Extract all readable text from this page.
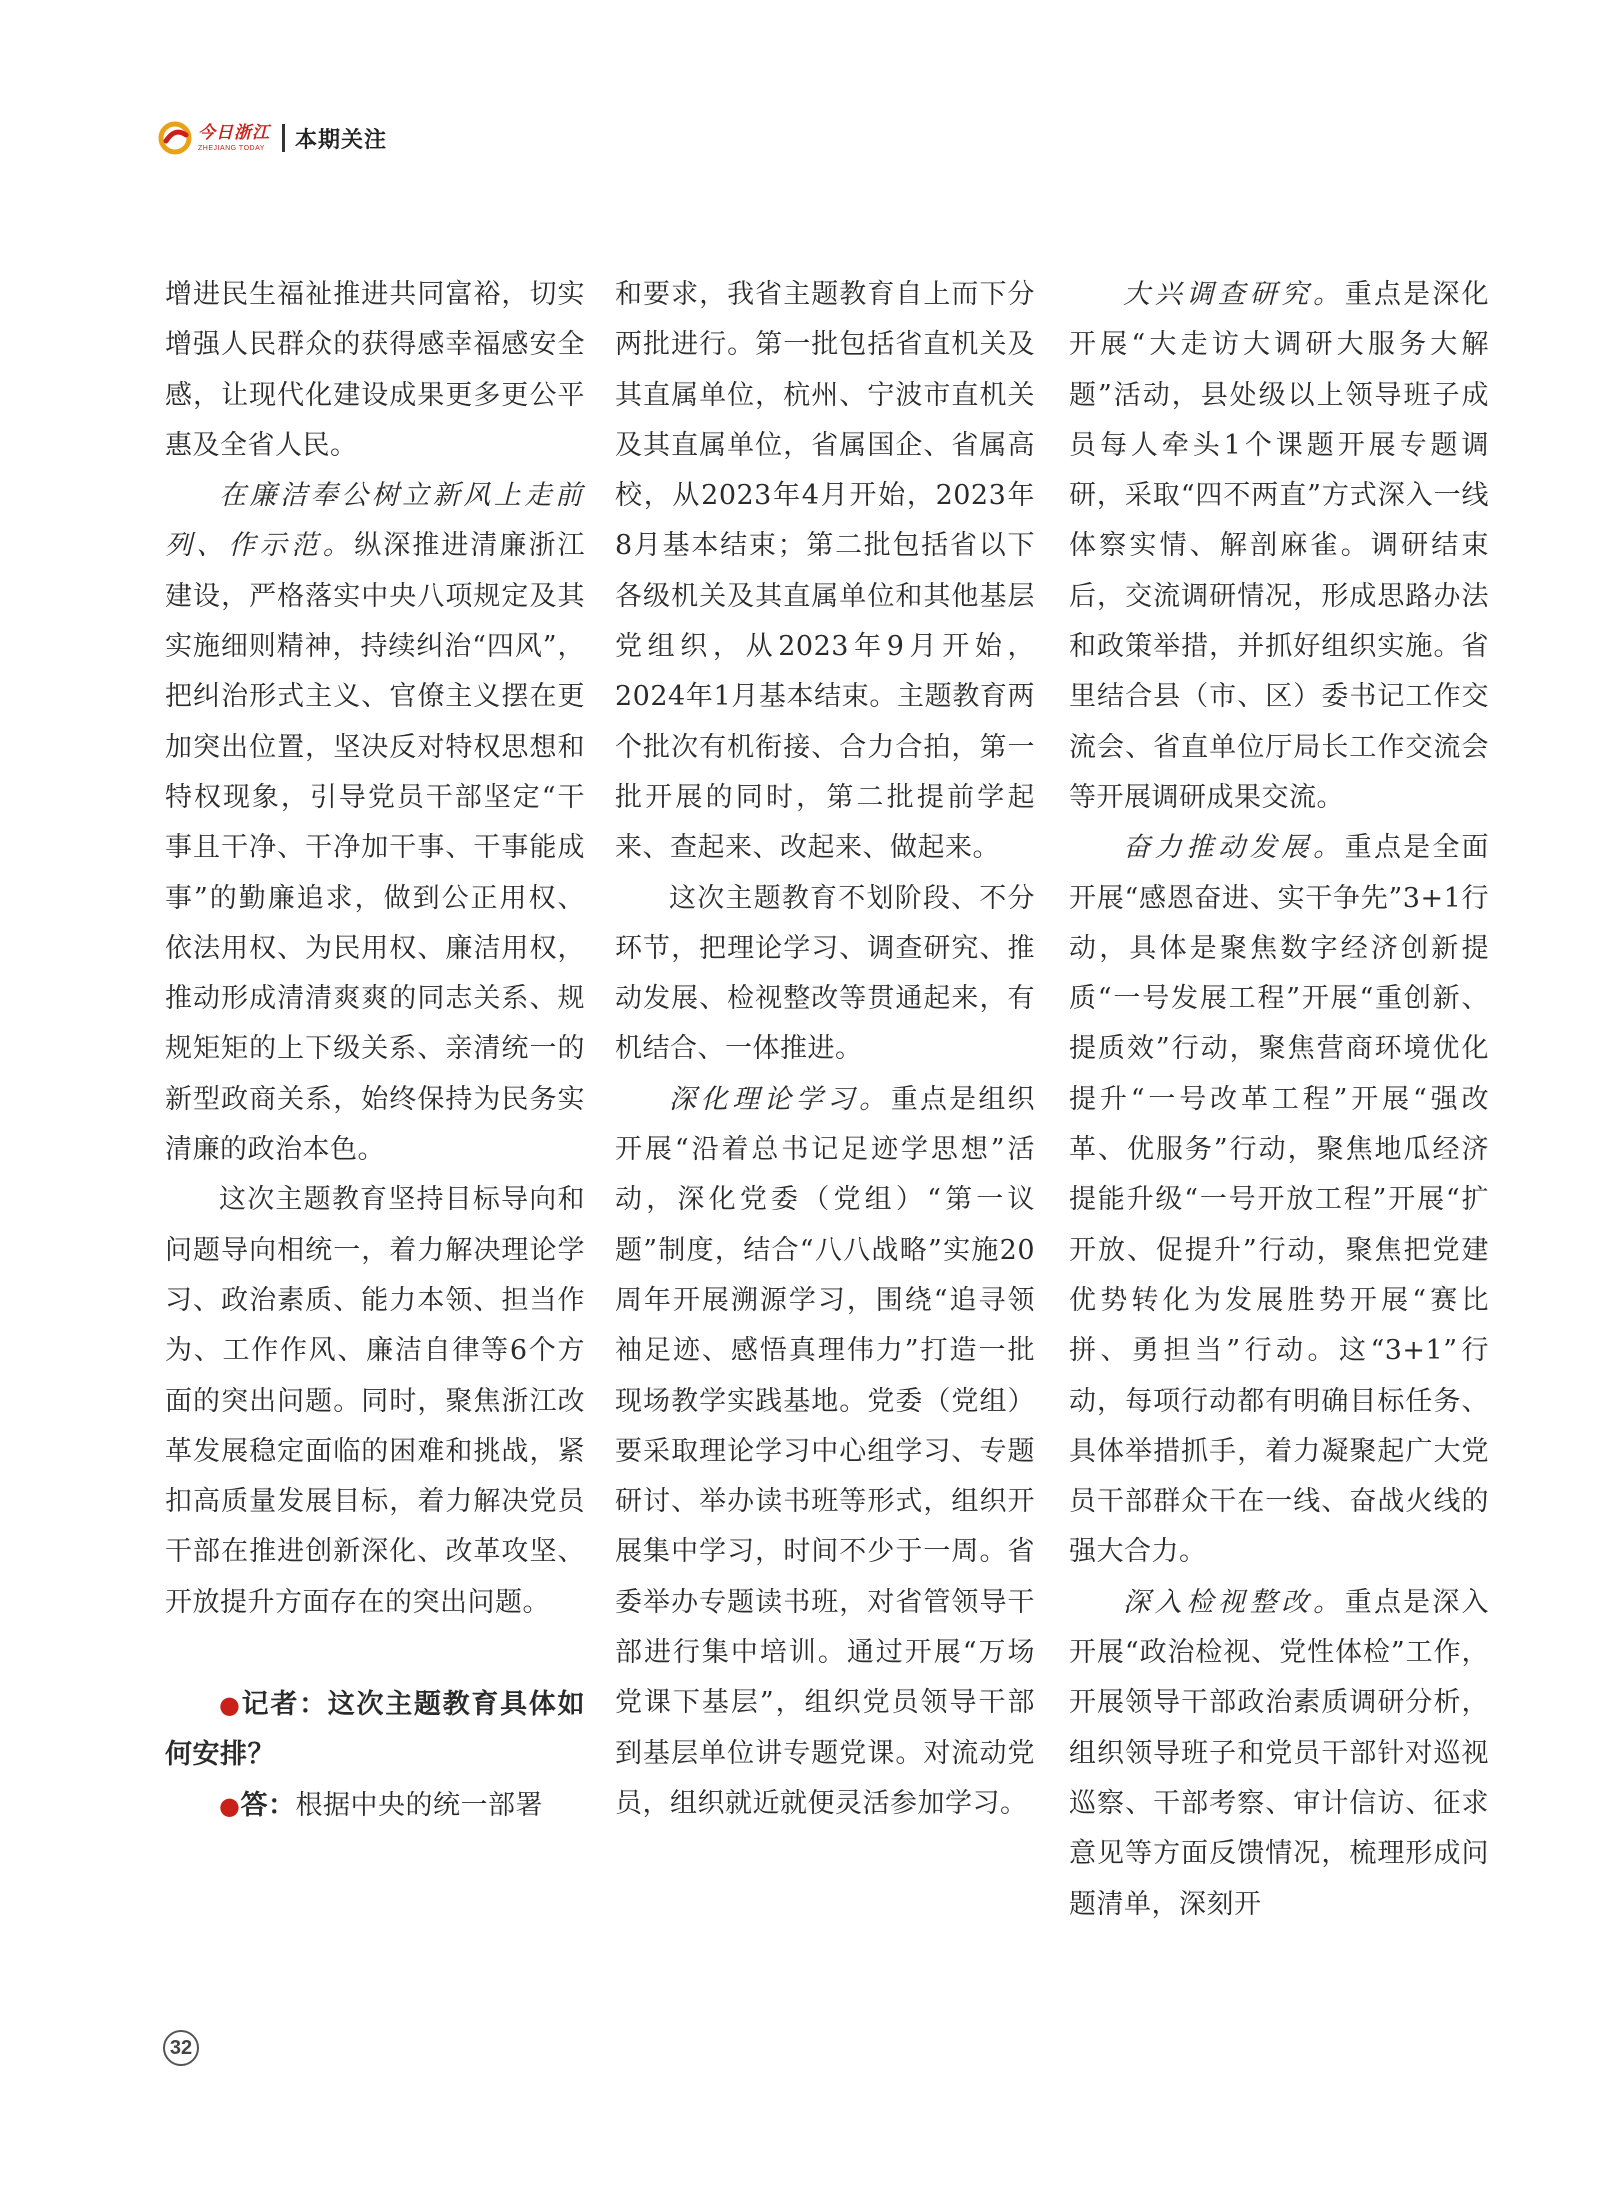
今日浙江
ZHEJIANG TODAY 本期关注

增进民生福祉推进共同富裕，切实增强人民群众的获得感幸福感安全感，让现代化建设成果更多更公平惠及全省人民。

在廉洁奉公树立新风上走前列、作示范。纵深推进清廉浙江建设，严格落实中央八项规定及其实施细则精神，持续纠治“四风”，把纠治形式主义、官僚主义摆在更加突出位置，坚决反对特权思想和特权现象，引导党员干部坚定“干事且干净、干净加干事、干事能成事”的勤廉追求，做到公正用权、依法用权、为民用权、廉洁用权，推动形成清清爽爽的同志关系、规规矩矩的上下级关系、亲清统一的新型政商关系，始终保持为民务实清廉的政治本色。

这次主题教育坚持目标导向和问题导向相统一，着力解决理论学习、政治素质、能力本领、担当作为、工作作风、廉洁自律等6个方面的突出问题。同时，聚焦浙江改革发展稳定面临的困难和挑战，紧扣高质量发展目标，着力解决党员干部在推进创新深化、改革攻坚、开放提升方面存在的突出问题。

●记者：这次主题教育具体如何安排？

●答：根据中央的统一部署

和要求，我省主题教育自上而下分两批进行。第一批包括省直机关及其直属单位，杭州、宁波市直机关及其直属单位，省属国企、省属高校，从2023年4月开始，2023年8月基本结束；第二批包括省以下各级机关及其直属单位和其他基层党组织，从2023年9月开始，2024年1月基本结束。主题教育两个批次有机衔接、合力合拍，第一批开展的同时，第二批提前学起来、查起来、改起来、做起来。

这次主题教育不划阶段、不分环节，把理论学习、调查研究、推动发展、检视整改等贯通起来，有机结合、一体推进。

深化理论学习。重点是组织开展“沿着总书记足迹学思想”活动，深化党委（党组）“第一议题”制度，结合“八八战略”实施20周年开展溯源学习，围绕“追寻领袖足迹、感悟真理伟力”打造一批现场教学实践基地。党委（党组）要采取理论学习中心组学习、专题研讨、举办读书班等形式，组织开展集中学习，时间不少于一周。省委举办专题读书班，对省管领导干部进行集中培训。通过开展“万场党课下基层”，组织党员领导干部到基层单位讲专题党课。对流动党员，组织就近就便灵活参加学习。

大兴调查研究。重点是深化开展“大走访大调研大服务大解题”活动，县处级以上领导班子成员每人牵头1个课题开展专题调研，采取“四不两直”方式深入一线体察实情、解剖麻雀。调研结束后，交流调研情况，形成思路办法和政策举措，并抓好组织实施。省里结合县（市、区）委书记工作交流会、省直单位厅局长工作交流会等开展调研成果交流。

奋力推动发展。重点是全面开展“感恩奋进、实干争先”3+1行动，具体是聚焦数字经济创新提质“一号发展工程”开展“重创新、提质效”行动，聚焦营商环境优化提升“一号改革工程”开展“强改革、优服务”行动，聚焦地瓜经济提能升级“一号开放工程”开展“扩开放、促提升”行动，聚焦把党建优势转化为发展胜势开展“赛比拼、勇担当”行动。这“3+1”行动，每项行动都有明确目标任务、具体举措抓手，着力凝聚起广大党员干部群众干在一线、奋战火线的强大合力。

深入检视整改。重点是深入开展“政治检视、党性体检”工作，开展领导干部政治素质调研分析，组织领导班子和党员干部针对巡视巡察、干部考察、审计信访、征求意见等方面反馈情况，梳理形成问题清单，深刻开

32
